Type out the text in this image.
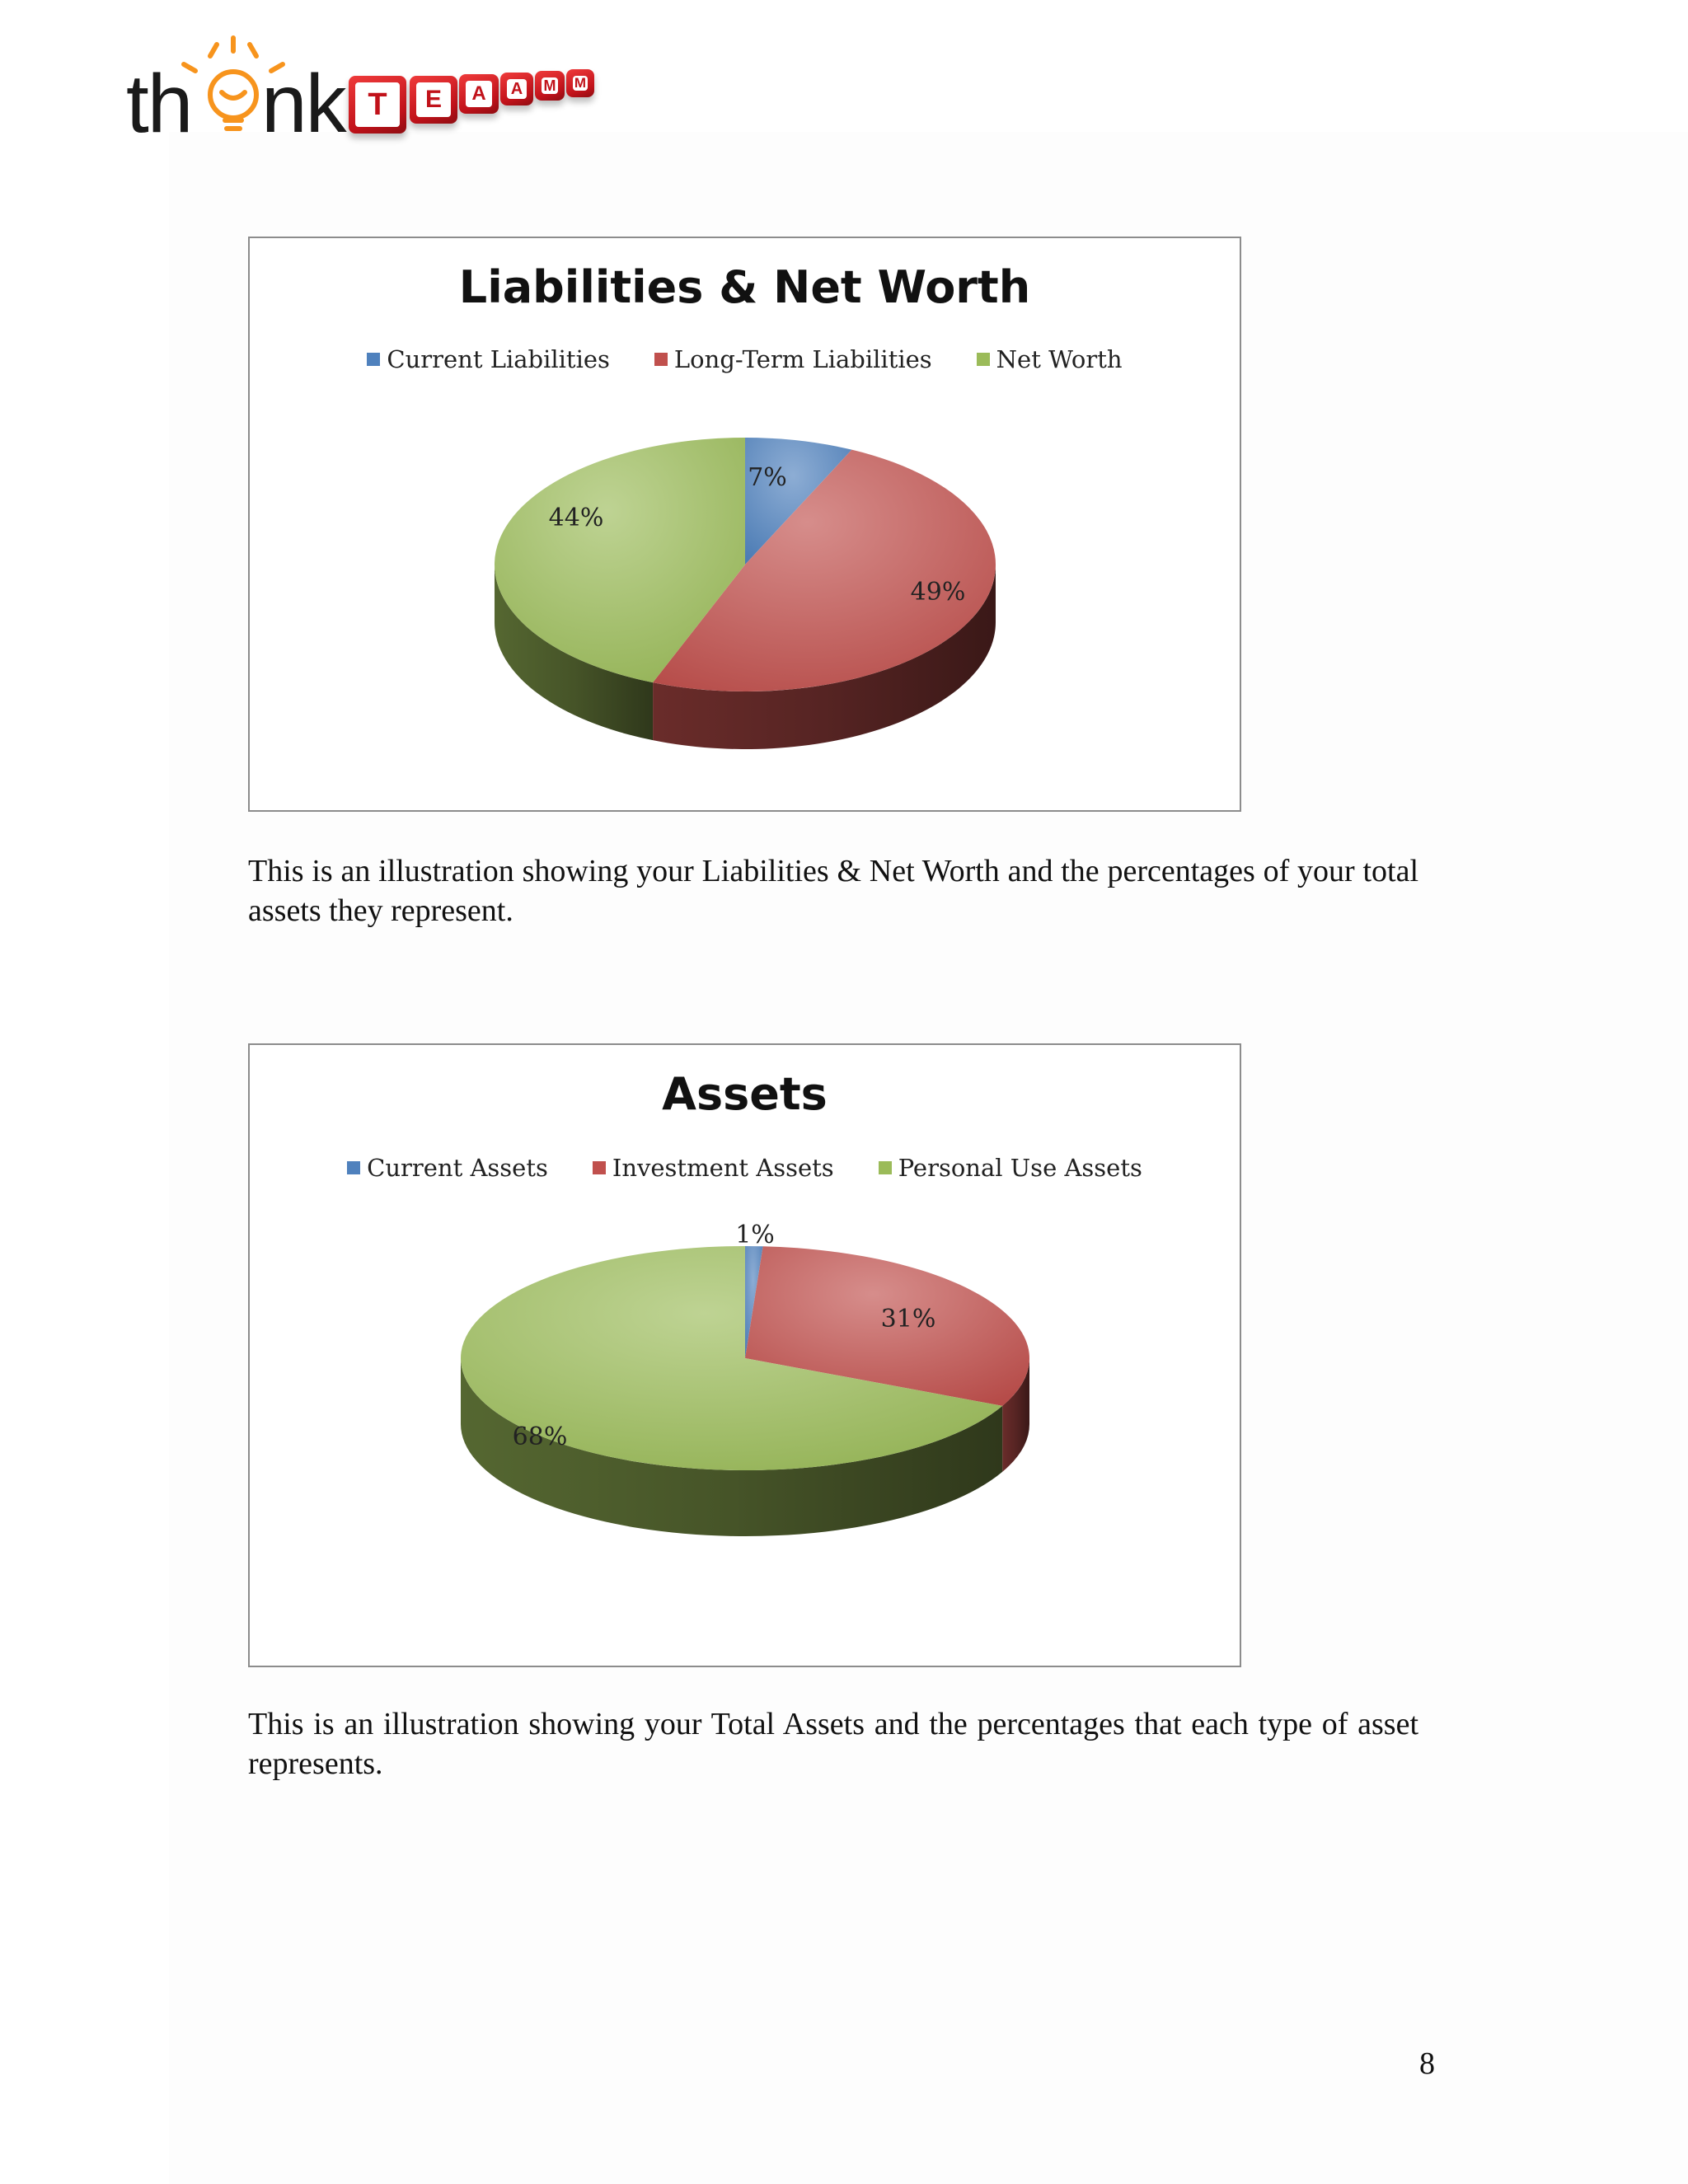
th nk T	E	A	A M M
Liabilities & Net Worth
Current Liabilities	Long-Term Liabilities	Net Worth
7%
49%
44%
This is an illustration showing your Liabilities & Net Worth and the percentages of your total assets they represent.
Assets
Current Assets	Investment Assets	Personal Use Assets
1%
31%
68%
This is an illustration showing your Total Assets and the percentages that each type of asset represents.
8
